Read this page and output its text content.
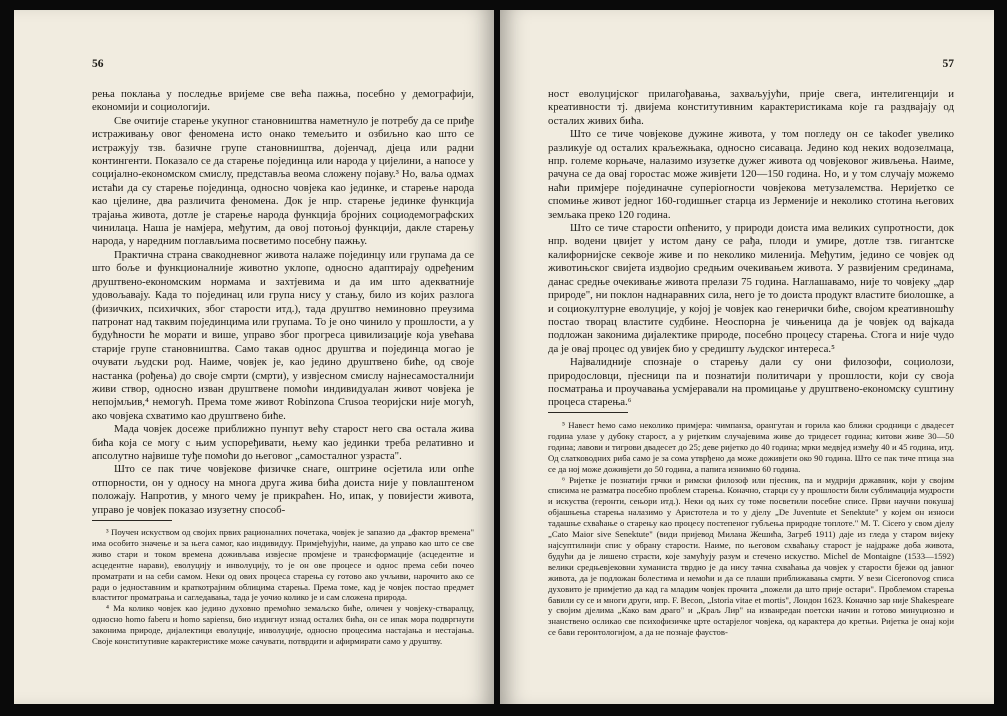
56

рења поклања у последње вријеме све већа пажња, посебно у демографији, економији и социологији.

Све очитије старење укупног становништва наметнуло је потребу да се приђе истраживању овог феномена исто онако темељито и озбиљно као што се истражују тзв. базичне групе становништва, дојенчад, дјеца или радни контингенти. Показало се да старење појединца или народа у цијелини, а напосе у социјално-економском смислу, представља веома сложену појаву.³ Но, ваља одмах истаћи да су старење појединца, односно човјека као јединке, и старење народа као цјелине, два различита феномена. Док је нпр. старење јединке функција трајања живота, дотле је старење народа функција бројних социодемографских чинилаца. Наша је намјера, међутим, да овој потоњој функцији, дакле старењу народа, у наредним поглављима посветимо посебну пажњу.

Практична страна свакодневног живота налаже појединцу или групама да се што боље и функционалније животно уклопе, односно адаптирају одређеним друштвено-економским нормама и захтјевима и да им што адекватније удовољавају. Када то појединац или група нису у стању, било из којих разлога (физичких, психичких, због старости итд.), тада друштво неминовно преузима патронат над таквим појединцима или групама. То је оно чинило у прошлости, а у будућности ће морати и више, управо због прогреса цивилизације која увећава старије групе становништва. Само такав однос друштва и појединца могао је очувати људски род. Наиме, човјек је, као једино друштвено биће, од своје настанка (рођења) до своје смрти (смрти), у извјесном смислу најнесамосталнији живи створ, односно изван друштвене помоћи индивидуалан живот човјека је непојмљив,⁴ немогућ. Према томе живот Robinzona Crusoa теоријски није могућ, ако човјека схватимо као друштвено биће.

Мада човјек досеже приближно пунпут већу старост него сва остала жива бића која се могу с њим успоређивати, њему као јединки треба релативно и апсолутно највише туђе помоћи до његовог „самосталног узраста".

Што се пак тиче човјекове физичке снаге, оштрине осјетила или опће отпорности, он у односу на многа друга жива бића доиста није у повлаштеном положају. Напротив, у много чему је прикраћен. Но, ипак, у повијести живота, управо је човјек показао изузетну способ-

³ Поучен искуством од својих првих рационалних почетака, човјек је запазио да „фактор времена" има особито значење и за њега самог, као индивидуу. Примјећујући, наиме, да управо као што се све живо стари и током времена доживљава извјесне промјене и трансформације (асцедентне и асцедентне нарави), еволуцију и инволуцију, то је он ове процесе и однос према себи почео проматрати и на себи самом. Неки од ових процеса старења су готово ако учљиви, нарочито ако се ради о једноставним и краткотрајним облицима старења. Према томе, кад је човјек постао предмет властитог проматрања и сагледавања, тада је уочио колико је и сам сложена природа.

⁴ Ма колико човјек као једино духовно премоћно земаљско биће, оличен у човјеку-стваралцу, односно homo faberu и homo sapiensu, био издигнут изнад осталих бића, он се ипак мора подвргнути законима природе, дијалектици еволуције, инволуције, односно процесима настајања и нестајања. Своје конститутивне карактеристике може сачувати, потврдити и афирмирати само у друштву.

57

ност еволуцијског прилагођавања, захваљујући, прије свега, интелигенцији и креативности тј. двијема конститутивним карактеристикама које га раздвајају од осталих живих бића.

Што се тиче човјекове дужине живота, у том погледу он се također увелико разликује од осталих краљежњака, односно сисаваца. Једино код неких водозелмаца, нпр. големе корњаче, налазимо изузетке дужег живота од човјековог живљења. Наиме, рачуна се да овај горостас може живјети 120—150 година. Но, и у том случају можемо наћи примјере појединачне суперiorности човјекова метузалемства. Неријетко се спомиње живот једног 160-годишњег старца из Јерменије и неколико стотина његових земљака преко 120 година.

Што се тиче старости опћенито, у природи доиста има великих супротности, док нпр. водени цвијет у истом дану се рађа, плоди и умире, дотле тзв. гигантске калифорнијске секвоје живе и по неколико миленија. Међутим, једино се човјек од животињског свијета издвојио средњим очекивањем живота. У развијеним срединама, данас средње очекивање живота прелази 75 година. Наглашавамо, није то човјеку „дар природе", ни поклон наднаравних сила, него је то доиста продукт властите биолошке, а и социокултурне еволуције, у којој је човјек као генерички биће, својом креативношћу постао творац властите судбине. Неоспорна је чињеница да је човјек од вајкада подложан законима дијалектике природе, посебно процесу старења. Стога и није чудо да је овај процес од увијек био у средишту људског интереса.⁵

Највалидније спознаје о старењу дали су они филозофи, социолози, природословци, пјесници па и познатији политичари у прошлости, који су своја посматрања и проучавања усмјеравали на промицање у друштвено-економску суштину процеса старења.⁶

⁵ Навест ћемо само неколико примјера: чимпанза, орангутан и горила као ближи сродници с двадесет година улазе у дубоку старост, а у ријетким случајевима живе до тридесет година; китови живе 30—50 година; лавови и тигрови двадесет до 25; деве ријетко до 40 година; мрки медвјед између 40 и 45 година, итд. Од слатководних риба само је за сома утврђено да може доживјети око 90 година. Што се пак тиче птица зна се да ној може доживјети до 50 година, а папига изнимно 60 година.

⁶ Ријетке је познатији грчки и римски филозоф или пјесник, па и мудрији државник, који у својим списима не разматра посебно проблем старења. Коначно, старци су у прошлости били сублимација мудрости и искуства (геронти, сењори итд.). Неки од њих су томе посветили посебне списе. Први научни покушај објашњења старења налазимо у Аристотела и то у дјелу „De Juventute et Senektute" у којем он износи тадашње схваћање о старењу као процесу постепеног губљења природне топлоте." M. T. Cicero у свом дјелу „Cato Maior sive Senektute" (види пријевод Милана Жешића, Загреб 1911) даје из гледа у старом вијеку најсуптилнији спис у обрану старости. Наиме, по његовом схваћању старост је најдраже доба живота, будући да је лишено страсти, које замућују разум и стечено искуство. Michel de Montaigne (1533—1592) велики средњевјековни хуманиста тврдио је да нису тачна схваћања да човјек у старости бјежи од јавног живота, да је подложан болестима и немоћи и да се плаши приближавања смрти. У вези Ciceronovog списа духовито је примјетио да кад га младим човјек прочита „пожели да што прије остари". Проблемом старења бавили су се и многи други, нпр. F. Becon, „Istoria vitae et mortis", Лондон 1623. Коначно зар није Shakespeare у својим дјелима „Како вам драго" и „Краљ Лир" на изванредан поетски начин и готово минуциозно и знанствено осликао све психофизичке црте остарјелог човјека, од карактера до кретњи. Ријетка је онај који се бави геронтологијом, а да не познаје фаустов-
